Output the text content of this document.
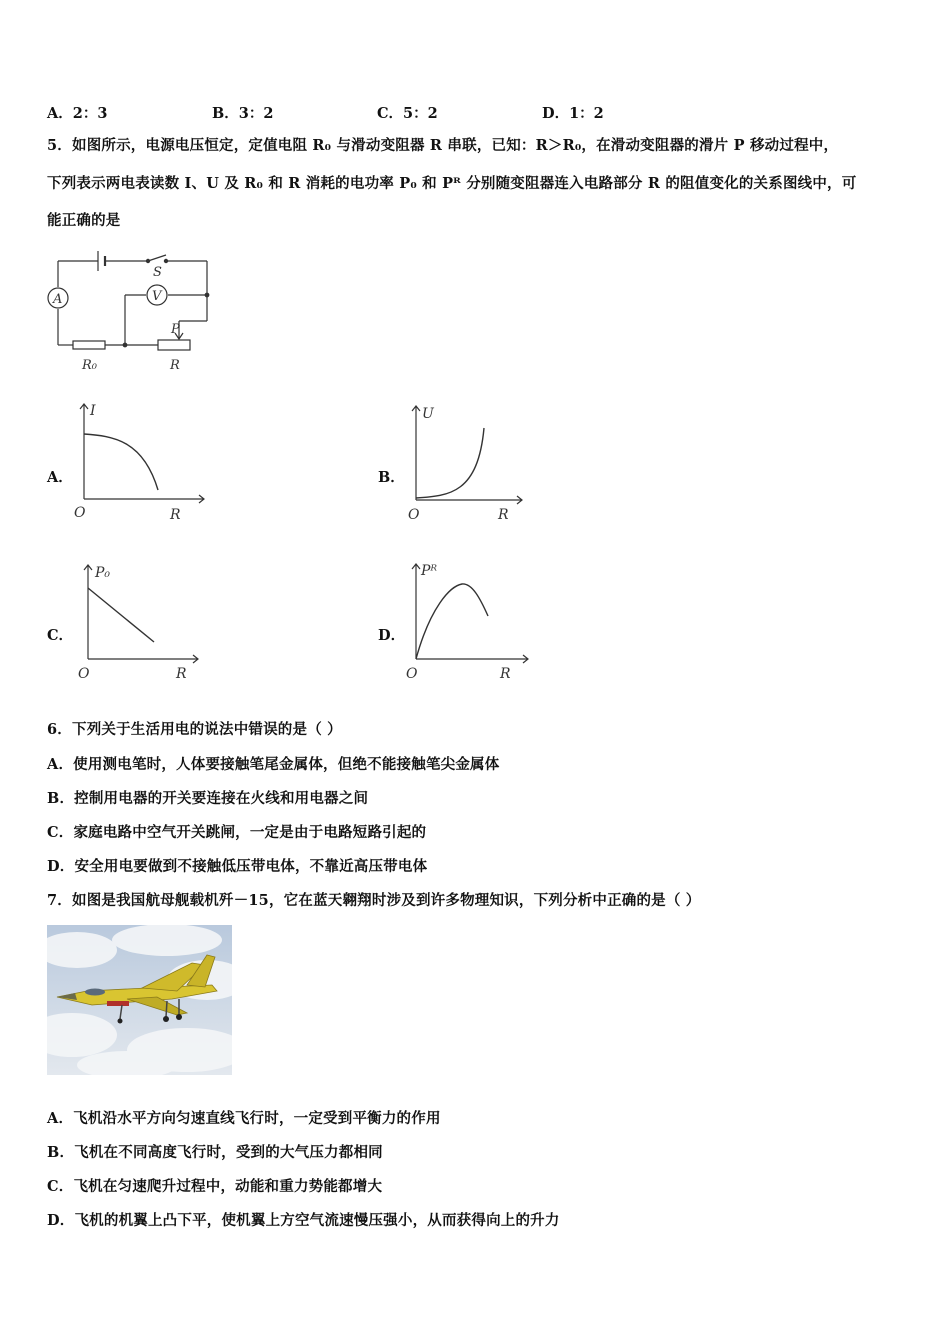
A．2：3	B．3：2	C．5：2	D．1：2
5．如图所示，电源电压恒定，定值电阻 R₀ 与滑动变阻器 R 串联，已知：R＞R₀，在滑动变阻器的滑片 P 移动过程中，
下列表示两电表读数 I、U 及 R₀ 和 R 消耗的电功率 P₀ 和 Pᴿ 分别随变阻器连入电路部分 R 的阻值变化的关系图线中，可
能正确的是
A	V
S
P
R₀	R
A．
I
R
O
B．
U
R
O
C．
P₀
R
O
D．
Pᴿ
R
O
6．下列关于生活用电的说法中错误的是（ ）
A．使用测电笔时，人体要接触笔尾金属体，但绝不能接触笔尖金属体
B．控制用电器的开关要连接在火线和用电器之间
C．家庭电路中空气开关跳闸，一定是由于电路短路引起的
D．安全用电要做到不接触低压带电体，不靠近高压带电体
7．如图是我国航母舰载机歼－15，它在蓝天翱翔时涉及到许多物理知识，下列分析中正确的是（ ）
A．飞机沿水平方向匀速直线飞行时，一定受到平衡力的作用
B．飞机在不同高度飞行时，受到的大气压力都相同
C．飞机在匀速爬升过程中，动能和重力势能都增大
D．飞机的机翼上凸下平，使机翼上方空气流速慢压强小，从而获得向上的升力
